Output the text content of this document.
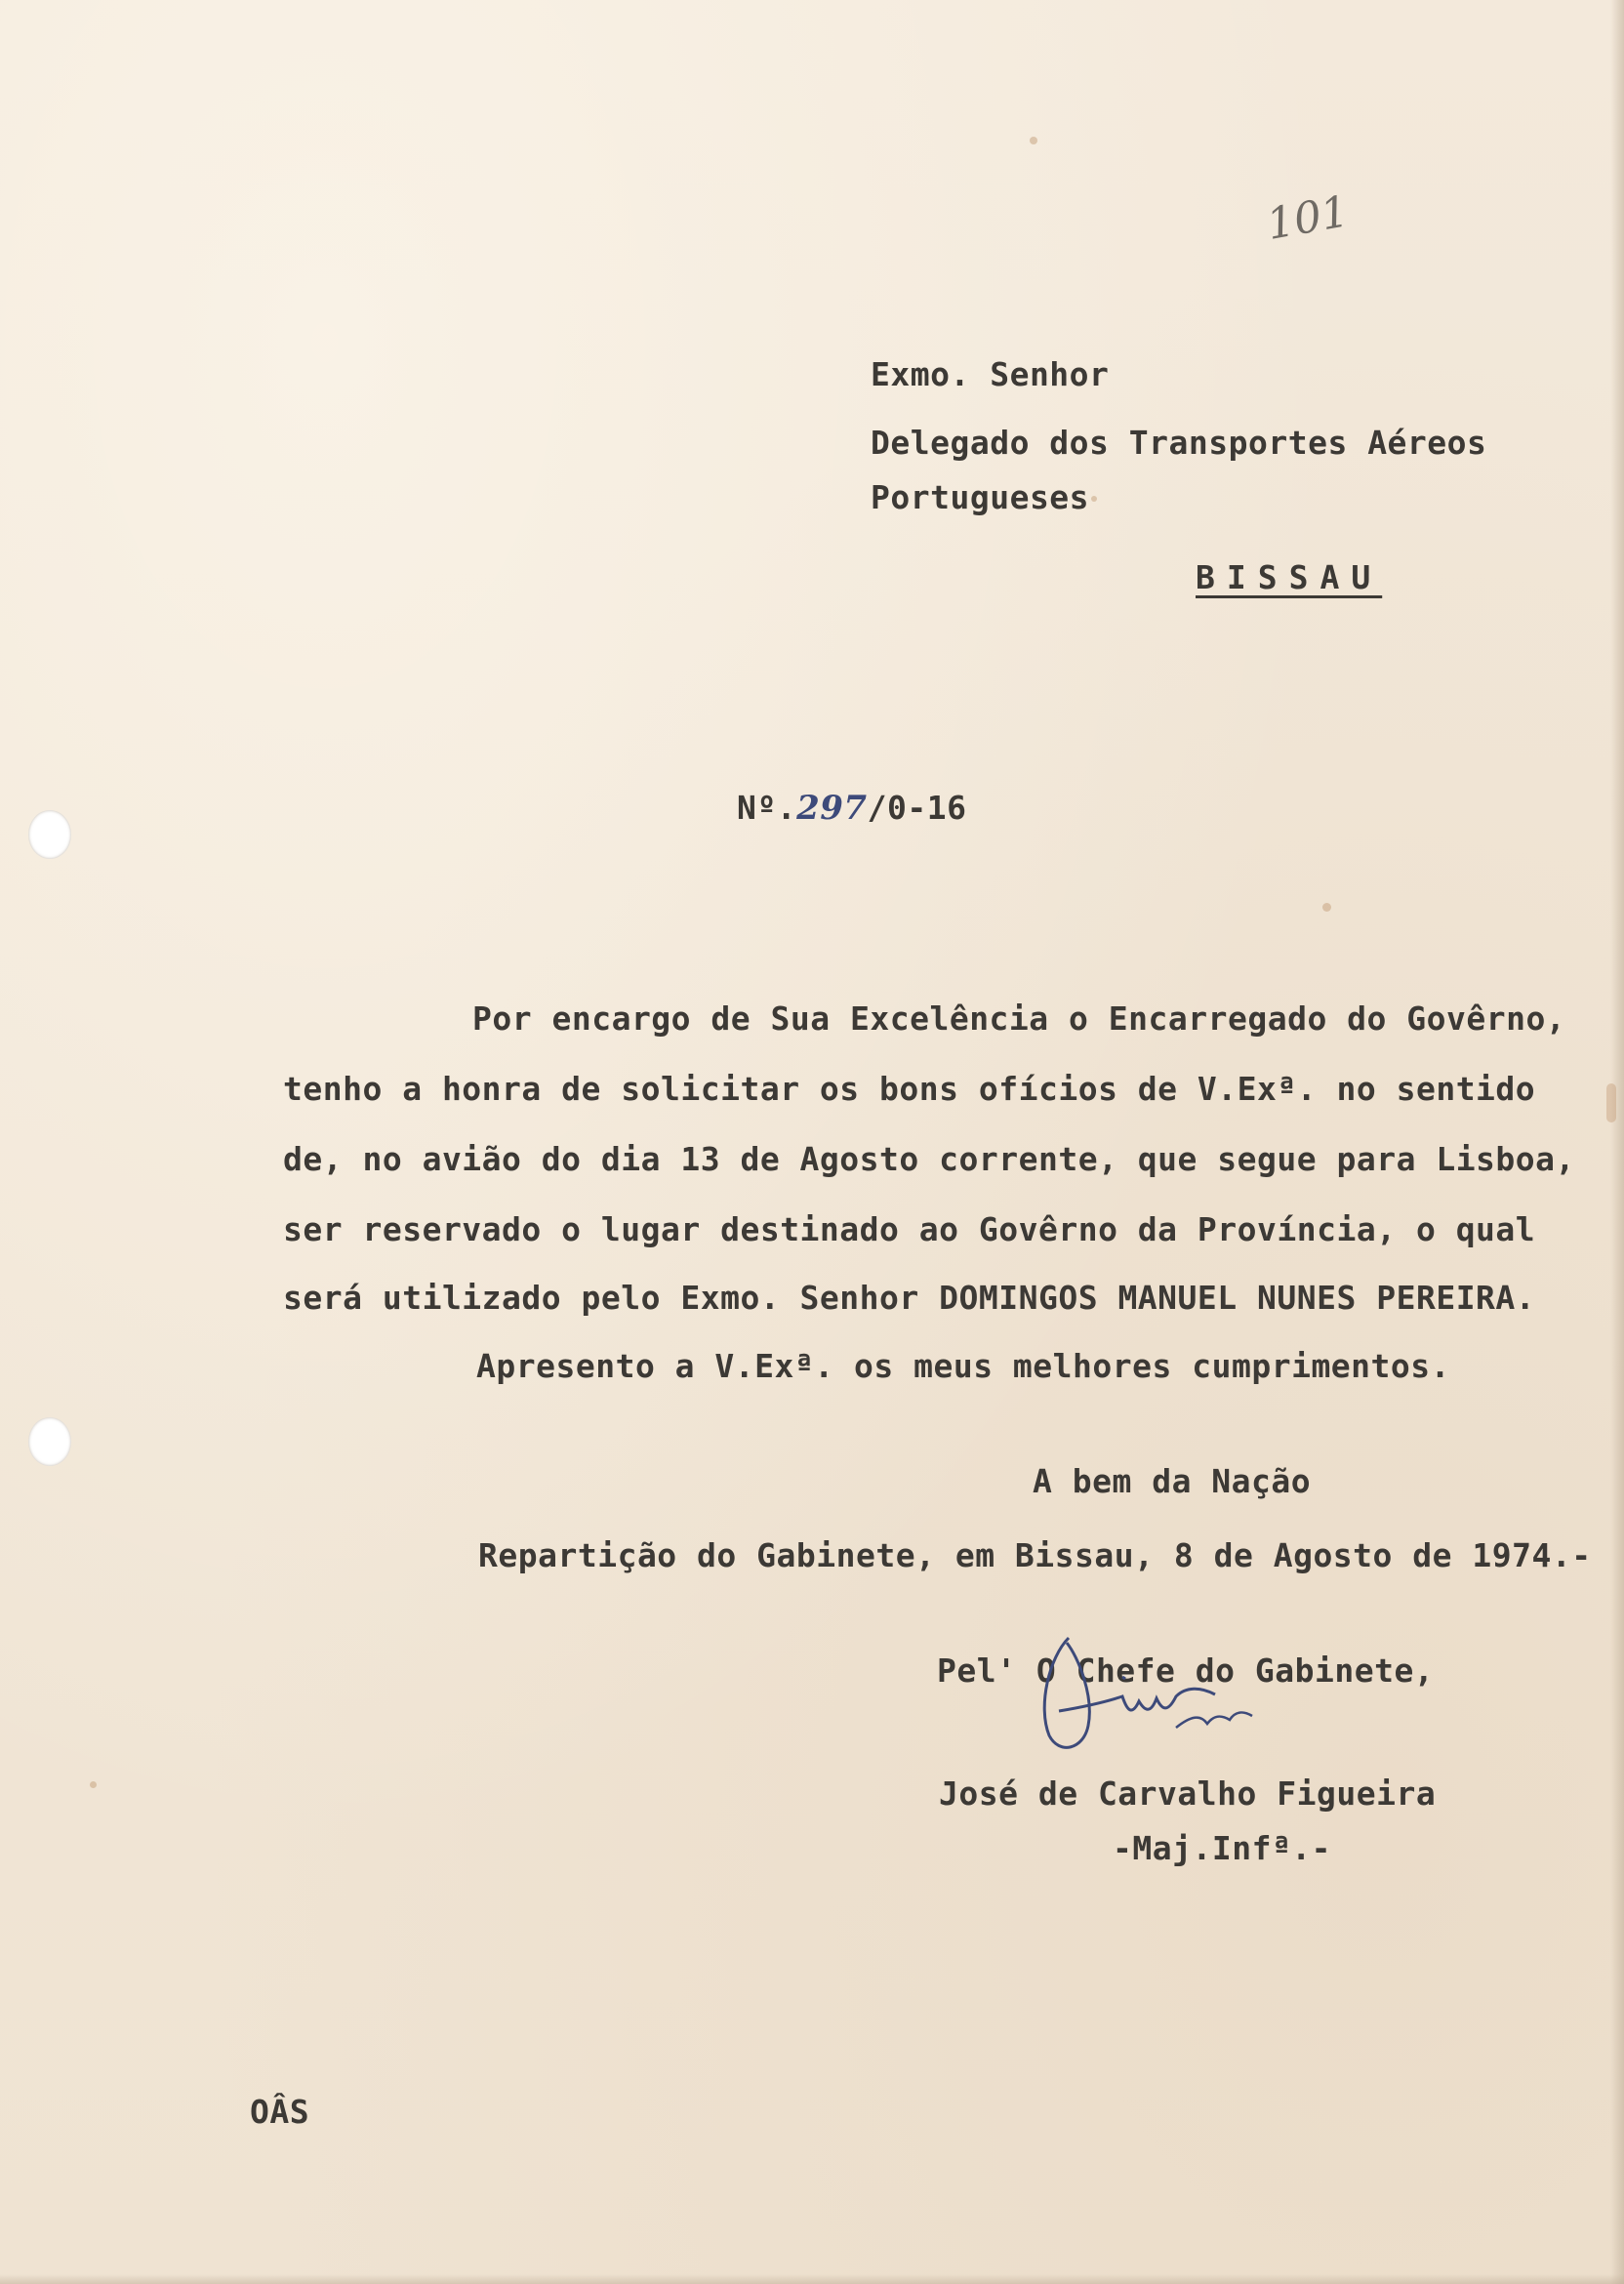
101
Exmo. Senhor
Delegado dos Transportes Aéreos
Portugueses
BISSAU
Nº.297/0-16
Por encargo de Sua Excelência o Encarregado do Govêrno,
tenho a honra de solicitar os bons ofícios de V.Exª. no sentido
de, no avião do dia 13 de Agosto corrente, que segue para Lisboa,
ser reservado o lugar destinado ao Govêrno da Província, o qual
será utilizado pelo Exmo. Senhor DOMINGOS MANUEL NUNES PEREIRA.
Apresento a V.Exª. os meus melhores cumprimentos.
A bem da Nação
Repartição do Gabinete, em Bissau, 8 de Agosto de 1974.-
Pel' O Chefe do Gabinete,
José de Carvalho Figueira
-Maj.Infª.-
OÂS
